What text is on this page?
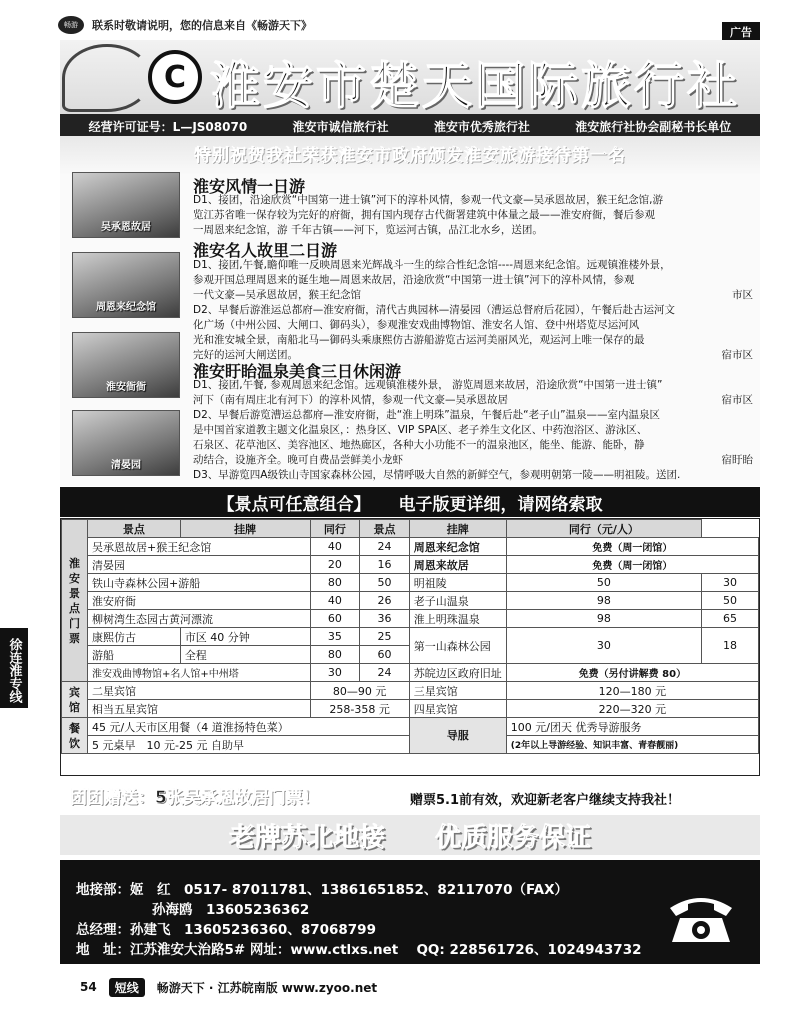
畅游	联系时敬请说明，您的信息来自《畅游天下》
广告
C 淮安市楚天国际旅行社
经营许可证号：L—JS08070	淮安市诚信旅行社	淮安市优秀旅行社	淮安旅行社协会副秘书长单位
特别祝贺我社荣获淮安市政府颁发淮安旅游接待第一名
吴承恩故居
周恩来纪念馆
淮安衙衙
清晏园
淮安风情一日游

D1、接团，沿途欣赏“中国第一进士镇”河下的淳朴风情，参观一代文豪—吴承恩故居，猴王纪念馆,游

览江苏省唯一保存较为完好的府衙，拥有国内现存古代衙署建筑中体量之最——淮安府衙，餐后参观

一周恩来纪念馆，游 千年古镇——河下，览运河古镇，品江北水乡，送团。

淮安名人故里二日游

D1、接团,午餐,瞻仰唯一反映周恩来光辉战斗一生的综合性纪念馆----周恩来纪念馆。远观镇淮楼外景，

参观开国总理周恩来的诞生地—周恩来故居，沿途欣赏“中国第一进士镇”河下的淳朴风情，参观

一代文豪—吴承恩故居，猴王纪念馆	市区

D2、早餐后游淮运总都府—淮安府衙，清代古典园林—清晏园（漕运总督府后花园），午餐后赴古运河文

化广场（中州公园、大闸口、御码头），参观淮安戏曲博物馆、淮安名人馆、登中州塔览尽运河风

光和淮安城全景，南船北马—御码头乘康熙仿古游船游览古运河美丽风光，观运河上唯一保存的最

完好的运河大闸送团。	宿市区

淮安盱眙温泉美食三日休闲游

D1、接团,午餐, 参观周恩来纪念馆。远观镇淮楼外景， 游览周恩来故居，沿途欣赏“中国第一进士镇”

河下（南有周庄北有河下）的淳朴风情，参观一代文豪—吴承恩故居	宿市区

D2、早餐后游览漕运总都府—淮安府衙，赴“淮上明珠”温泉，午餐后赴“老子山”温泉——室内温泉区

是中国首家道教主题文化温泉区，：热身区、VIP SPA区、老子养生文化区、中药泡浴区、游泳区、

石泉区、花草池区、美容池区、地热廊区，各种大小功能不一的温泉池区，能坐、能游、能卧，静

动结合，设施齐全。晚可自费品尝鲜美小龙虾	宿盱眙

D3、早游览四A级铁山寺国家森林公园，尽情呼吸大自然的新鲜空气，参观明朝第一陵——明祖陵。送团.

【景点可任意组合】 电子版更详细，请网络索取
淮安景点门票	景点	挂牌	同行	景点	挂牌	同行（元/人）	
	吴承恩故居+猴王纪念馆		40	24	周恩来纪念馆	免费（周一闭馆）	
	清晏园		20	16	周恩来故居	免费（周一闭馆）	
	铁山寺森林公园+游船		80	50	明祖陵	50	30
	淮安府衙		40	26	老子山温泉	98	50
	柳树湾生态园古黄河漂流		60	36	淮上明珠温泉	98	65
	康熙仿古	市区 40 分钟	35	25	第一山森林公园	30	18
	游船	全程	80	60			
	淮安戏曲博物馆+名人馆+中州塔		30	24	苏皖边区政府旧址	免费（另付讲解费 80）	
宾馆	二星宾馆		80—90 元		三星宾馆	120—180 元	
	相当五星宾馆		258-358 元		四星宾馆	220—320 元	
餐饮	45 元/人天市区用餐（4 道淮扬特色菜）				导服	100 元/团天 优秀导游服务	
	5 元桌早　10 元-25 元 自助早					(2年以上导游经验、知识丰富、青春靓丽)	
团团赠送：5张吴承恩故居门票！	赠票5.1前有效，欢迎新老客户继续支持我社！
老牌苏北地接 优质服务保证
地接部：姬　红　0517- 87011781、13861651852、82117070（FAX）
孙海鸥　13605236362
总经理：孙建飞　13605236360、87068799
地　址：江苏淮安大治路5# 网址：www.ctlxs.net　 QQ: 228561726、1024943732
徐连淮专线
54	短线	畅游天下 · 江苏皖南版 www.zyoo.net
